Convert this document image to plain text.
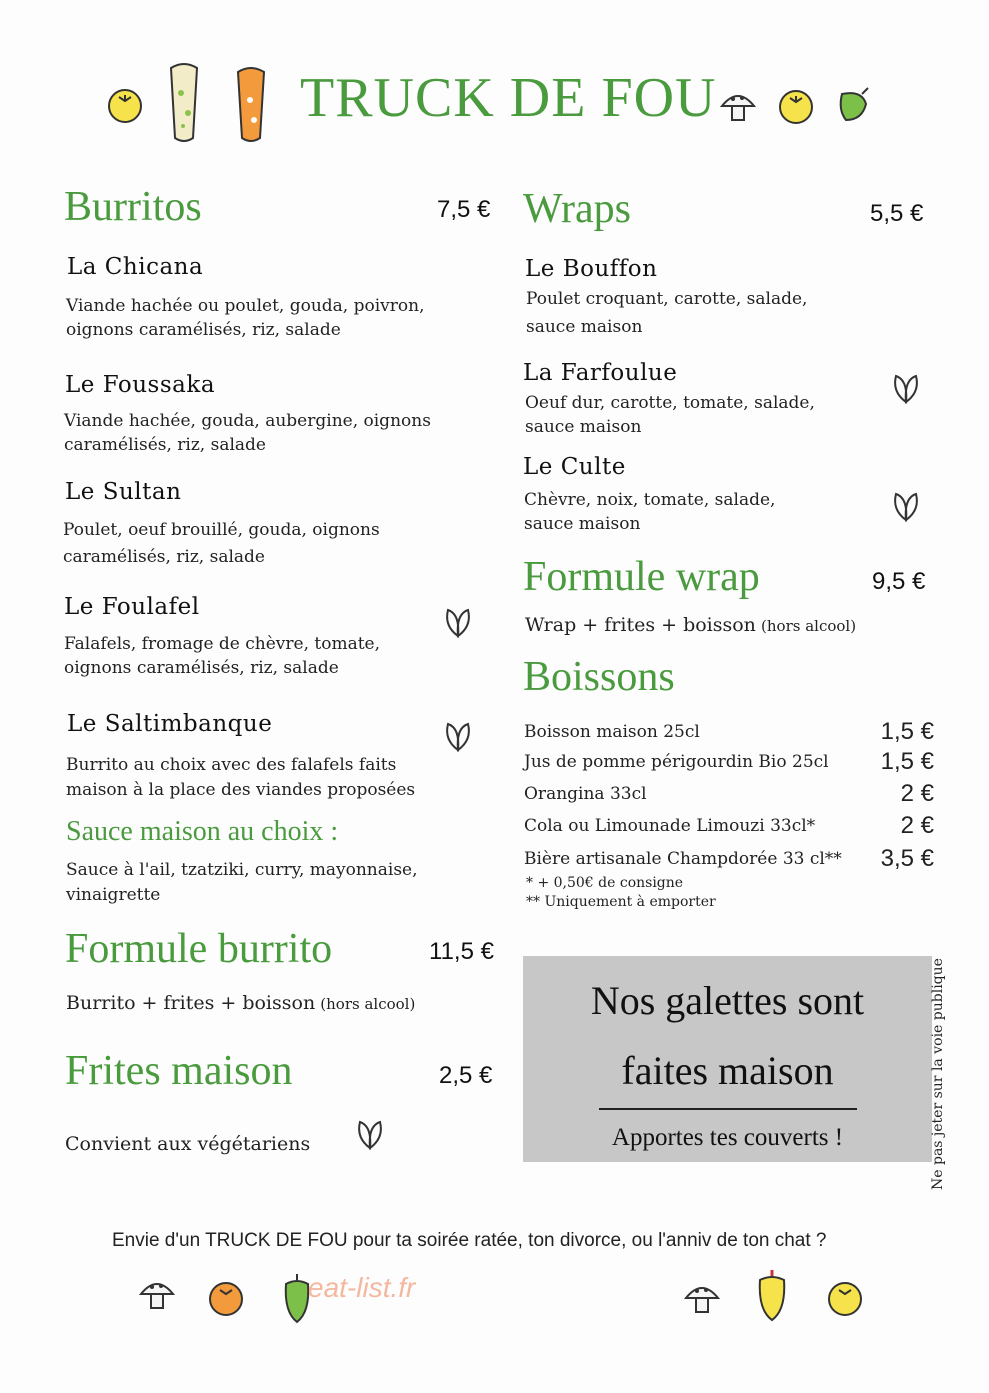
TRUCK DE FOU
Burritos	7,5 €
La Chicana
Viande hachée ou poulet, gouda, poivron,
oignons caramélisés, riz, salade
Le Foussaka
Viande hachée, gouda, aubergine, oignons
caramélisés, riz, salade
Le Sultan
Poulet, oeuf brouillé, gouda, oignons
caramélisés, riz, salade
Le Foulafel
Falafels, fromage de chèvre, tomate,
oignons caramélisés, riz, salade
Le Saltimbanque
Burrito au choix avec des falafels faits
maison à la place des viandes proposées
Sauce maison au choix :
Sauce à l'ail, tzatziki, curry, mayonnaise,
vinaigrette
Formule burrito	11,5 €
Burrito + frites + boisson (hors alcool)
Frites maison	2,5 €
Convient aux végétariens
Wraps	5,5 €
Le Bouffon
Poulet croquant, carotte, salade,
sauce maison
La Farfoulue
Oeuf dur, carotte, tomate, salade,
sauce maison
Le Culte
Chèvre, noix, tomate, salade,
sauce maison
Formule wrap	9,5 €
Wrap + frites + boisson (hors alcool)
Boissons
Boisson maison 25cl	1,5 €
Jus de pomme périgourdin Bio 25cl 1,5 €
Orangina 33cl	2 €
Cola ou Limounade Limouzi 33cl*	2 €
Bière artisanale Champdorée 33 cl** 3,5 €
* + 0,50€ de consigne
** Uniquement à emporter
Nos galettes sont
faites maison
Apportes tes couverts !	Ne pas jeter sur la voie publique
Envie d'un TRUCK DE FOU pour ta soirée ratée, ton divorce, ou l'anniv de ton chat ?
eat-list.fr
